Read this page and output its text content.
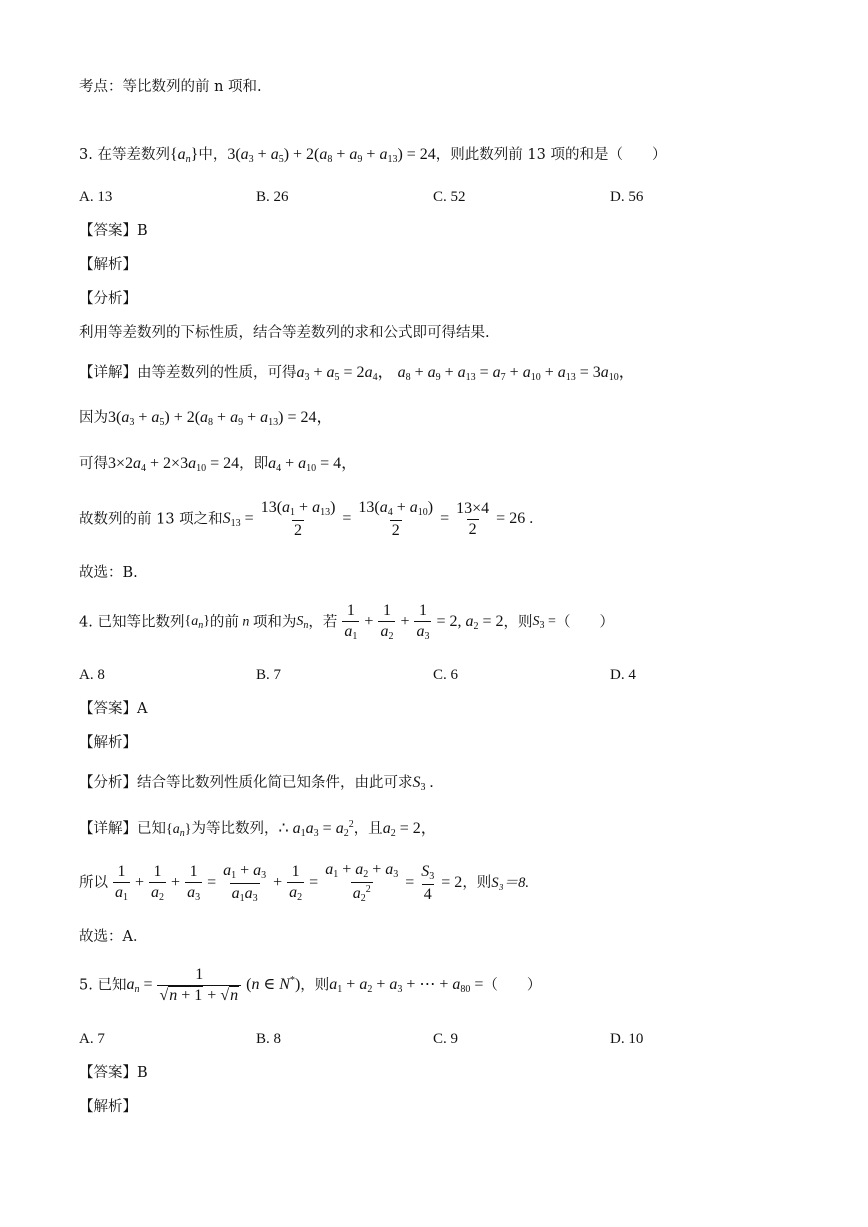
考点：等比数列的前 n 项和.
3. 在等差数列$\{a_n\}$中，$3(a_3 + a_5) + 2(a_8 + a_9 + a_{13}) = 24$，则此数列前 13 项的和是（　　）
A. 13	B. 26	C. 52	D. 56
【答案】B
【解析】
【分析】
利用等差数列的下标性质，结合等差数列的求和公式即可得结果.
【详解】由等差数列的性质，可得$a_3 + a_5 = 2a_4$， $a_8 + a_9 + a_{13} = a_7 + a_{10} + a_{13} = 3a_{10}$，
因为$3(a_3 + a_5) + 2(a_8 + a_9 + a_{13}) = 24$，
可得$3\times 2a_4 + 2\times 3a_{10} = 24$，即$a_4 + a_{10} = 4$，
故数列的前 13 项之和$S_{13} = \frac{13(a_1 + a_{13})}{2} = \frac{13(a_4 + a_{10})}{2} = \frac{13\times 4}{2} = 26$ .
故选：B.
4. 已知等比数列$\{a_n\}$的前 n 项和为$S_n$，若 $\frac{1}{a_1} + \frac{1}{a_2} + \frac{1}{a_3} = 2$, $a_2 = 2$，则$S_3$ =（　　）
A. 8	B. 7	C. 6	D. 4
【答案】A
【解析】
【分析】结合等比数列性质化简已知条件，由此可求$S_3$ .
【详解】已知$\{a_n\}$为等比数列，∴ $a_1a_3 = a_2^2$，且$a_2 = 2$，
所以 $\frac{1}{a_1} + \frac{1}{a_2} + \frac{1}{a_3} = \frac{a_1 + a_3}{a_1a_3} + \frac{1}{a_2} = \frac{a_1 + a_2 + a_3}{a_2^2} = \frac{S_3}{4} = 2$，则S₃＝8.
故选：A．
5. 已知$a_n = \frac{1}{√n + 1 + √n} (n$ ∈ N*)，则$a_1 + a_2 + a_3$ + ⋯ + $a_{80}$ =（　　）
A. 7	B. 8	C. 9	D. 10
【答案】B
【解析】
